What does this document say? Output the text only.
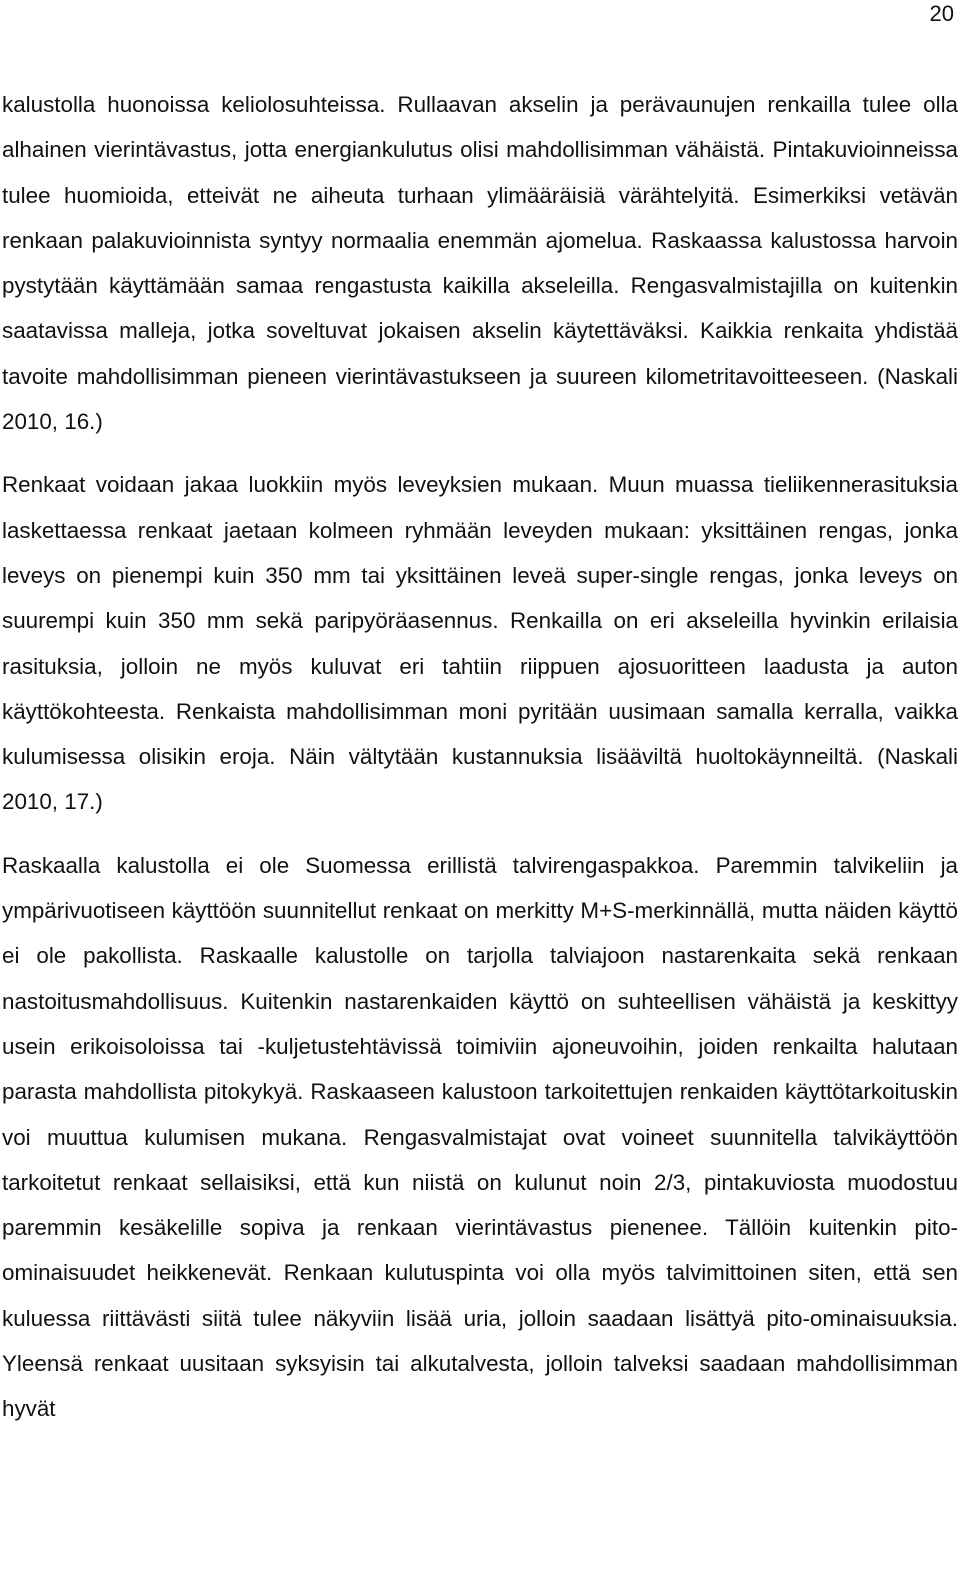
20

kalustolla huonoissa keliolosuhteissa. Rullaavan akselin ja perävaunujen renkailla tulee olla alhainen vierintävastus, jotta energiankulutus olisi mahdollisimman vähäistä. Pintakuvioinneissa tulee huomioida, etteivät ne aiheuta turhaan ylimääräisiä värähtelyitä. Esimerkiksi vetävän renkaan palakuvioinnista syntyy normaalia enemmän ajomelua. Raskaassa kalustossa harvoin pystytään käyttämään samaa rengastusta kaikilla akseleilla. Rengasvalmistajilla on kuitenkin saatavissa malleja, jotka soveltuvat jokaisen akselin käytettäväksi. Kaikkia renkaita yhdistää tavoite mahdollisimman pieneen vierintävastukseen ja suureen kilometritavoitteeseen. (Naskali 2010, 16.)

Renkaat voidaan jakaa luokkiin myös leveyksien mukaan. Muun muassa tieliikennerasituksia laskettaessa renkaat jaetaan kolmeen ryhmään leveyden mukaan: yksittäinen rengas, jonka leveys on pienempi kuin 350 mm tai yksittäinen leveä super-single rengas, jonka leveys on suurempi kuin 350 mm sekä paripyöräasennus. Renkailla on eri akseleilla hyvinkin erilaisia rasituksia, jolloin ne myös kuluvat eri tahtiin riippuen ajosuoritteen laadusta ja auton käyttökohteesta. Renkaista mahdollisimman moni pyritään uusimaan samalla kerralla, vaikka kulumisessa olisikin eroja. Näin vältytään kustannuksia lisääviltä huoltokäynneiltä. (Naskali 2010, 17.)

Raskaalla kalustolla ei ole Suomessa erillistä talvirengaspakkoa. Paremmin talvikeliin ja ympärivuotiseen käyttöön suunnitellut renkaat on merkitty M+S-merkinnällä, mutta näiden käyttö ei ole pakollista. Raskaalle kalustolle on tarjolla talviajoon nastarenkaita sekä renkaan nastoitusmahdollisuus. Kuitenkin nastarenkaiden käyttö on suhteellisen vähäistä ja keskittyy usein erikoisoloissa tai -kuljetustehtävissä toimiviin ajoneuvoihin, joiden renkailta halutaan parasta mahdollista pitokykyä. Raskaaseen kalustoon tarkoitettujen renkaiden käyttötarkoituskin voi muuttua kulumisen mukana. Rengasvalmistajat ovat voineet suunnitella talvikäyttöön tarkoitetut renkaat sellaisiksi, että kun niistä on kulunut noin 2/3, pintakuviosta muodostuu paremmin kesäkelille sopiva ja renkaan vierintävastus pienenee. Tällöin kuitenkin pito-ominaisuudet heikkenevät. Renkaan kulutuspinta voi olla myös talvimittoinen siten, että sen kuluessa riittävästi siitä tulee näkyviin lisää uria, jolloin saadaan lisättyä pito-ominaisuuksia. Yleensä renkaat uusitaan syksyisin tai alkutalvesta, jolloin talveksi saadaan mahdollisimman hyvät
